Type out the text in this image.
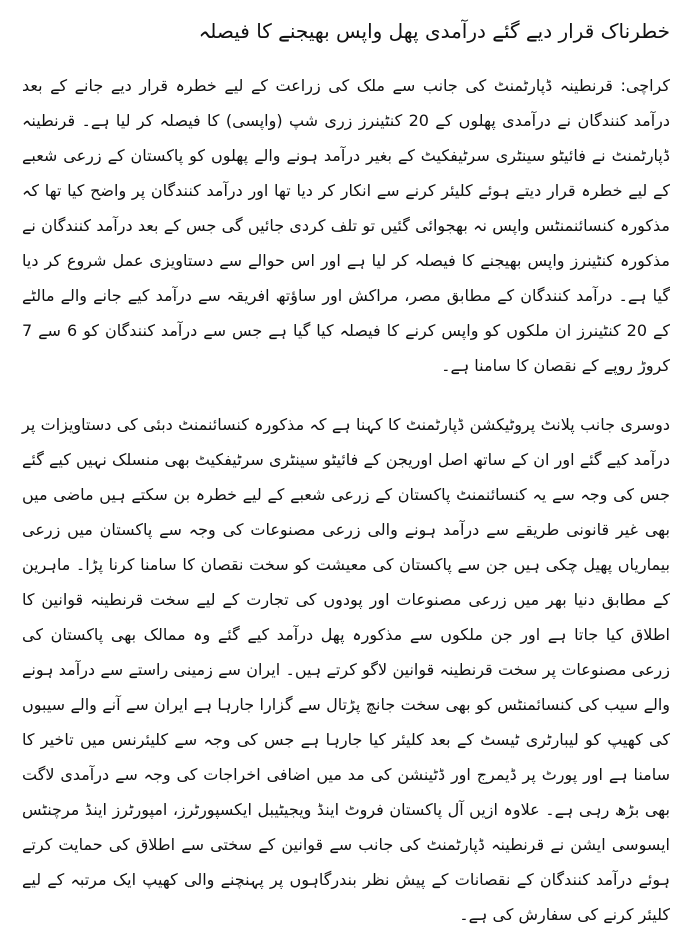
خطرناک قرار دیے گئے درآمدی پھل واپس بھیجنے کا فیصلہ

کراچی: قرنطینہ ڈپارٹمنٹ کی جانب سے ملک کی زراعت کے لیے خطرہ قرار دیے جانے کے بعد درآمد کنندگان نے درآمدی پھلوں کے 20 کنٹینرز زری شپ (واپسی) کا فیصلہ کر لیا ہے۔ قرنطینہ ڈپارٹمنٹ نے فائیٹو سینٹری سرٹیفکیٹ کے بغیر درآمد ہونے والے پھلوں کو پاکستان کے زرعی شعبے کے لیے خطرہ قرار دیتے ہوئے کلیئر کرنے سے انکار کر دیا تھا اور درآمد کنندگان پر واضح کیا تھا کہ مذکورہ کنسائنمنٹس واپس نہ بھجوائی گئیں تو تلف کردی جائیں گی جس کے بعد درآمد کنندگان نے مذکورہ کنٹینرز واپس بھیجنے کا فیصلہ کر لیا ہے اور اس حوالے سے دستاویزی عمل شروع کر دیا گیا ہے۔ درآمد کنندگان کے مطابق مصر، مراکش اور ساؤتھ افریقہ سے درآمد کیے جانے والے مالٹے کے 20 کنٹینرز ان ملکوں کو واپس کرنے کا فیصلہ کیا گیا ہے جس سے درآمد کنندگان کو 6 سے 7 کروڑ روپے کے نقصان کا سامنا ہے۔

دوسری جانب پلانٹ پروٹیکشن ڈپارٹمنٹ کا کہنا ہے کہ مذکورہ کنسائنمنٹ دبئی کی دستاویزات پر درآمد کیے گئے اور ان کے ساتھ اصل اوریجن کے فائیٹو سینٹری سرٹیفکیٹ بھی منسلک نہیں کیے گئے جس کی وجہ سے یہ کنسائنمنٹ پاکستان کے زرعی شعبے کے لیے خطرہ بن سکتے ہیں ماضی میں بھی غیر قانونی طریقے سے درآمد ہونے والی زرعی مصنوعات کی وجہ سے پاکستان میں زرعی بیماریاں پھیل چکی ہیں جن سے پاکستان کی معیشت کو سخت نقصان کا سامنا کرنا پڑا۔ ماہرین کے مطابق دنیا بھر میں زرعی مصنوعات اور پودوں کی تجارت کے لیے سخت قرنطینہ قوانین کا اطلاق کیا جاتا ہے اور جن ملکوں سے مذکورہ پھل درآمد کیے گئے وہ ممالک بھی پاکستان کی زرعی مصنوعات پر سخت قرنطینہ قوانین لاگو کرتے ہیں۔ ایران سے زمینی راستے سے درآمد ہونے والے سیب کی کنسائمنٹس کو بھی سخت جانچ پڑتال سے گزارا جارہا ہے ایران سے آنے والے سیبوں کی کھیپ کو لیبارٹری ٹیسٹ کے بعد کلیئر کیا جارہا ہے جس کی وجہ سے کلیئرنس میں تاخیر کا سامنا ہے اور پورٹ پر ڈیمرج اور ڈٹینشن کی مد میں اضافی اخراجات کی وجہ سے درآمدی لاگت بھی بڑھ رہی ہے۔ علاوہ ازیں آل پاکستان فروٹ اینڈ ویجیٹیبل ایکسپورٹرز، امپورٹرز اینڈ مرچنٹس ایسوسی ایشن نے قرنطینہ ڈپارٹمنٹ کی جانب سے قوانین کے سختی سے اطلاق کی حمایت کرتے ہوئے درآمد کنندگان کے نقصانات کے پیش نظر بندرگاہوں پر پہنچنے والی کھیپ ایک مرتبہ کے لیے کلیئر کرنے کی سفارش کی ہے۔
